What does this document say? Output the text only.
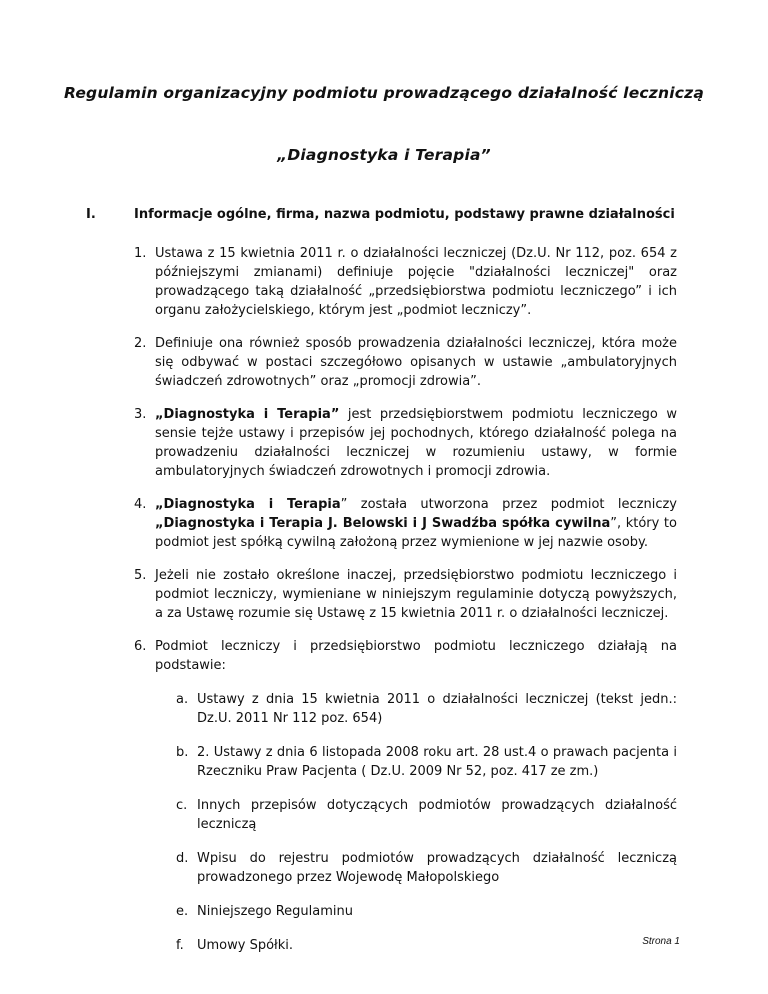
Regulamin organizacyjny podmiotu prowadzącego działalność leczniczą
„Diagnostyka i Terapia”
I.	Informacje ogólne, firma, nazwa podmiotu, podstawy prawne działalności
1. Ustawa z 15 kwietnia 2011 r. o działalności leczniczej (Dz.U. Nr 112, poz. 654 z późniejszymi zmianami) definiuje pojęcie "działalności leczniczej" oraz prowadzącego taką działalność „przedsiębiorstwa podmiotu leczniczego” i ich organu założycielskiego, którym jest „podmiot leczniczy”.
2. Definiuje ona również sposób prowadzenia działalności leczniczej, która może się odbywać w postaci szczegółowo opisanych w ustawie „ambulatoryjnych świadczeń zdrowotnych” oraz „promocji zdrowia”.
3. „Diagnostyka i Terapia” jest przedsiębiorstwem podmiotu leczniczego w sensie tejże ustawy i przepisów jej pochodnych, którego działalność polega na prowadzeniu działalności leczniczej w rozumieniu ustawy, w formie ambulatoryjnych świadczeń zdrowotnych i promocji zdrowia.
4. „Diagnostyka i Terapia” została utworzona przez podmiot leczniczy „Diagnostyka i Terapia J. Belowski i J Swadźba spółka cywilna”, który to podmiot jest spółką cywilną założoną przez wymienione w jej nazwie osoby.
5. Jeżeli nie zostało określone inaczej, przedsiębiorstwo podmiotu leczniczego i podmiot leczniczy, wymieniane w niniejszym regulaminie dotyczą powyższych, a za Ustawę rozumie się Ustawę z 15 kwietnia 2011 r. o działalności leczniczej.
6. Podmiot leczniczy i przedsiębiorstwo podmiotu leczniczego działają na podstawie:
a. Ustawy z dnia 15 kwietnia 2011 o działalności leczniczej (tekst jedn.: Dz.U. 2011 Nr 112 poz. 654)
b. 2. Ustawy z dnia 6 listopada 2008 roku art. 28 ust.4 o prawach pacjenta i Rzeczniku Praw Pacjenta ( Dz.U. 2009 Nr 52, poz. 417 ze zm.)
c. Innych przepisów dotyczących podmiotów prowadzących działalność leczniczą
d. Wpisu do rejestru podmiotów prowadzących działalność leczniczą prowadzonego przez Wojewodę Małopolskiego
e. Niniejszego Regulaminu
f. Umowy Spółki.	Strona 1
